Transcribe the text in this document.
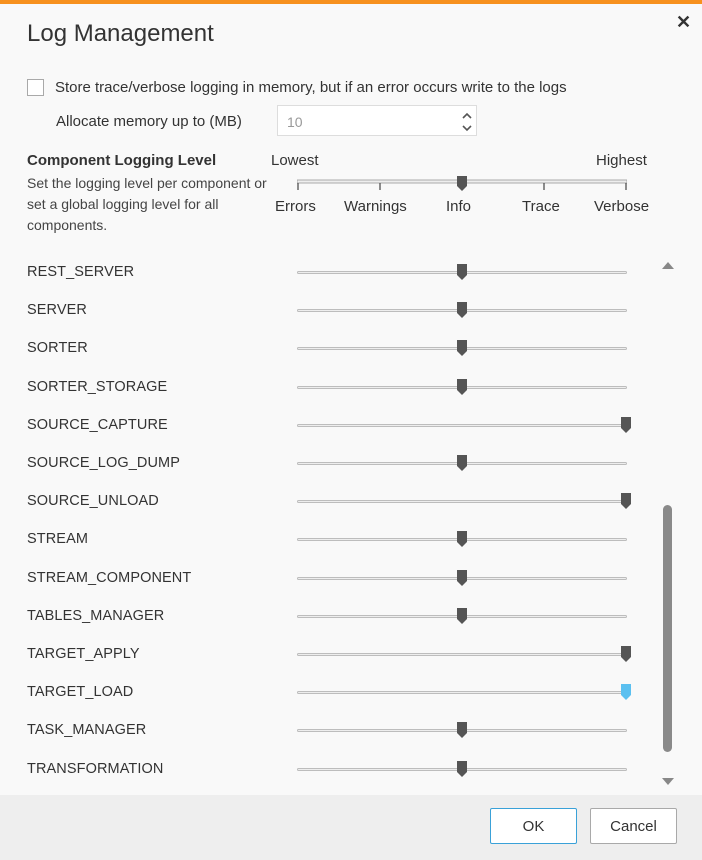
Log Management	✕
Store trace/verbose logging in memory, but if an error occurs write to the logs
Allocate memory up to (MB)	10
Component Logging Level
Set the logging level per component or set a global logging level for all components.
Lowest	Highest
Errors Warnings	Info	Trace Verbose
REST_SERVER
SERVER
SORTER
SORTER_STORAGE
SOURCE_CAPTURE
SOURCE_LOG_DUMP
SOURCE_UNLOAD
STREAM
STREAM_COMPONENT
TABLES_MANAGER
TARGET_APPLY
TARGET_LOAD
TASK_MANAGER
TRANSFORMATION
OK	Cancel
